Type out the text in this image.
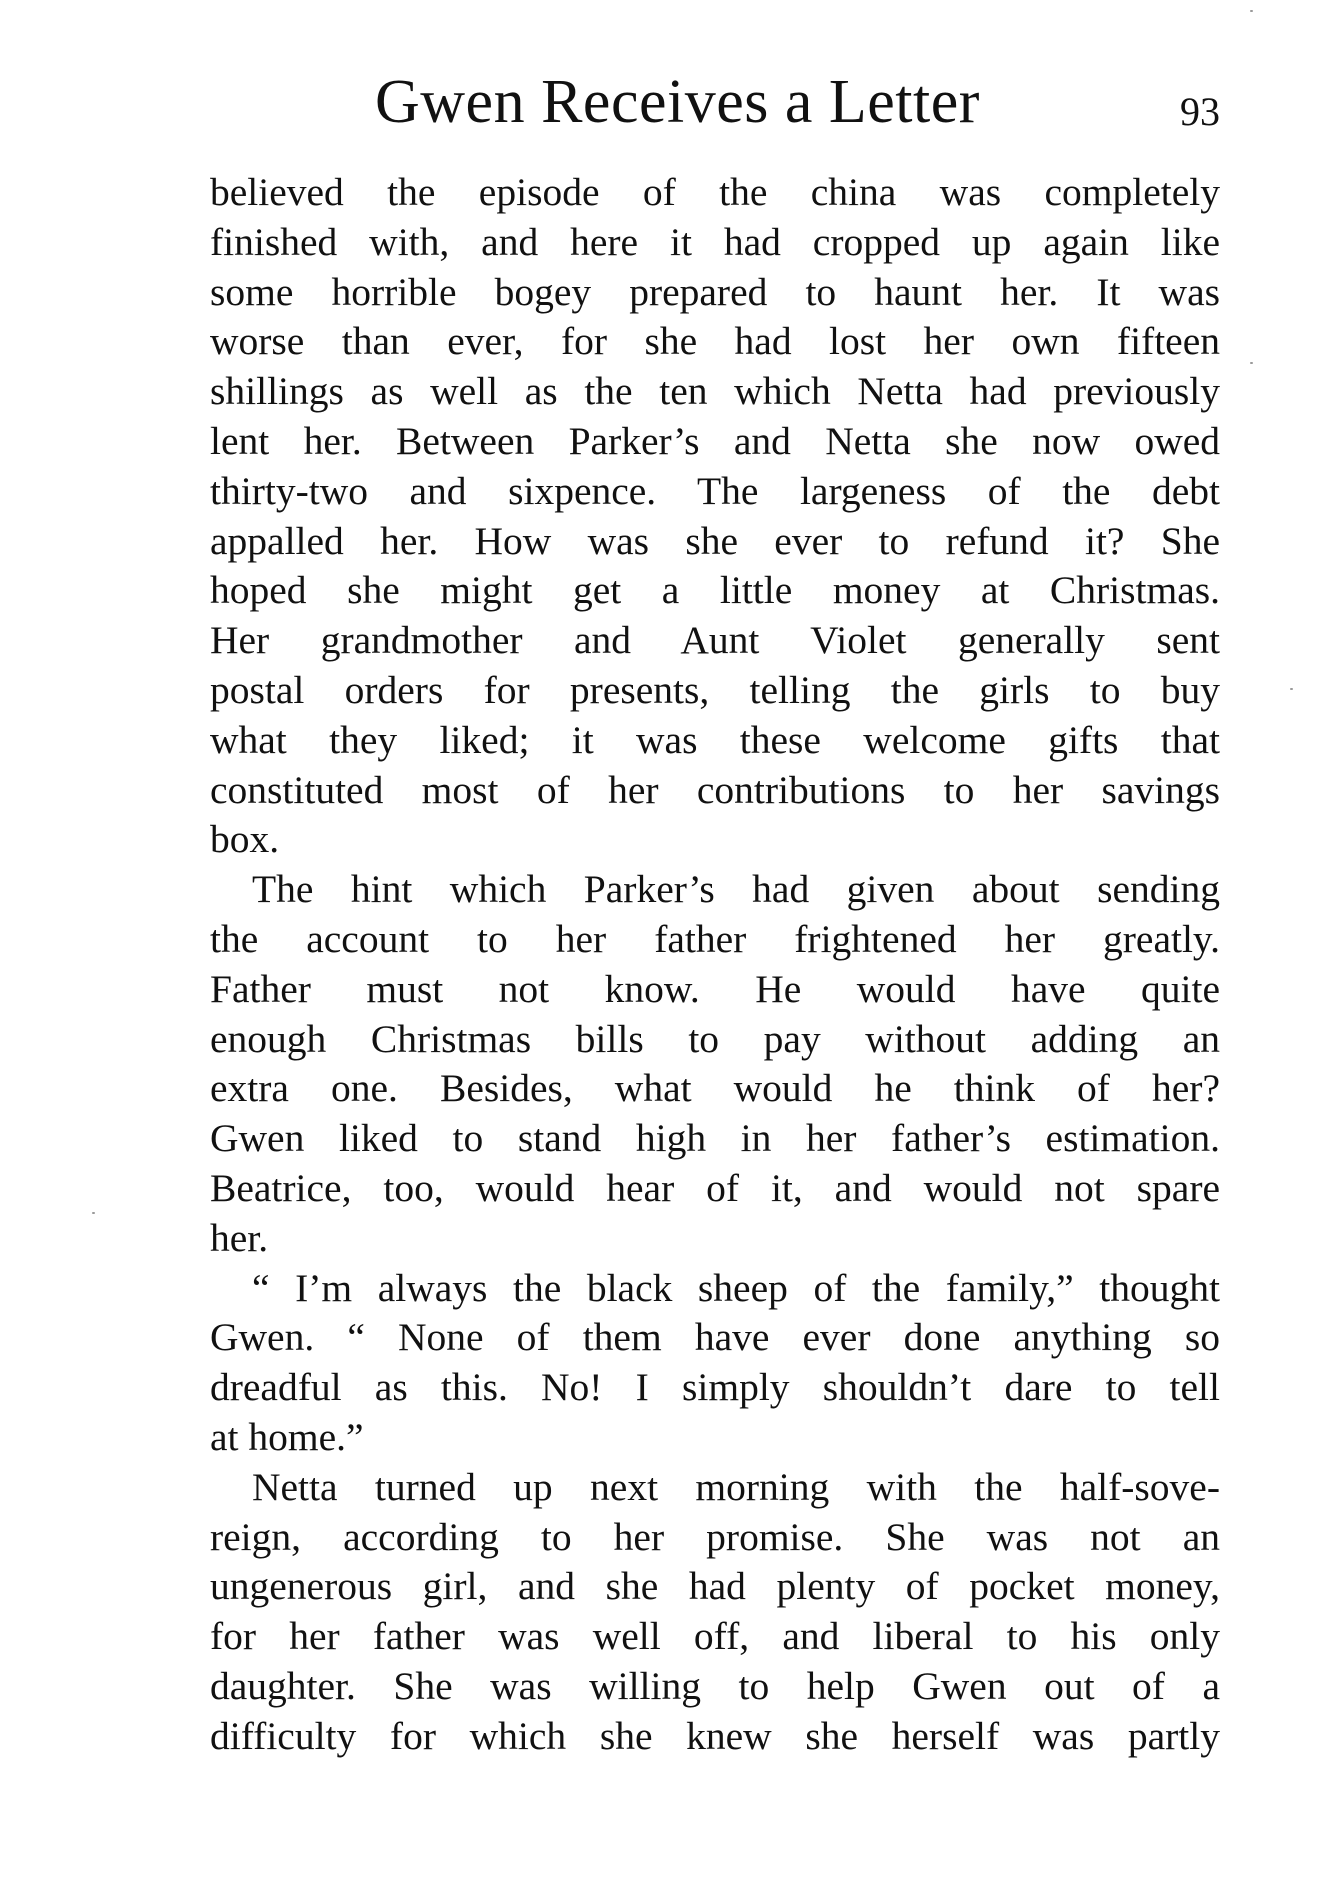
Gwen Receives a Letter	93
believed the episode of the china was completely
finished with, and here it had cropped up again like
some horrible bogey prepared to haunt her. It was
worse than ever, for she had lost her own fifteen
shillings as well as the ten which Netta had previously
lent her. Between Parker’s and Netta she now owed
thirty-two and sixpence. The largeness of the debt
appalled her. How was she ever to refund it? She
hoped she might get a little money at Christmas.
Her grandmother and Aunt Violet generally sent
postal orders for presents, telling the girls to buy
what they liked; it was these welcome gifts that
constituted most of her contributions to her savings
box.
The hint which Parker’s had given about sending
the account to her father frightened her greatly.
Father must not know. He would have quite
enough Christmas bills to pay without adding an
extra one. Besides, what would he think of her?
Gwen liked to stand high in her father’s estimation.
Beatrice, too, would hear of it, and would not spare
her.
“ I’m always the black sheep of the family,” thought
Gwen. “ None of them have ever done anything so
dreadful as this. No! I simply shouldn’t dare to tell
at home.”
Netta turned up next morning with the half-sove-
reign, according to her promise. She was not an
ungenerous girl, and she had plenty of pocket money,
for her father was well off, and liberal to his only
daughter. She was willing to help Gwen out of a
difficulty for which she knew she herself was partly
